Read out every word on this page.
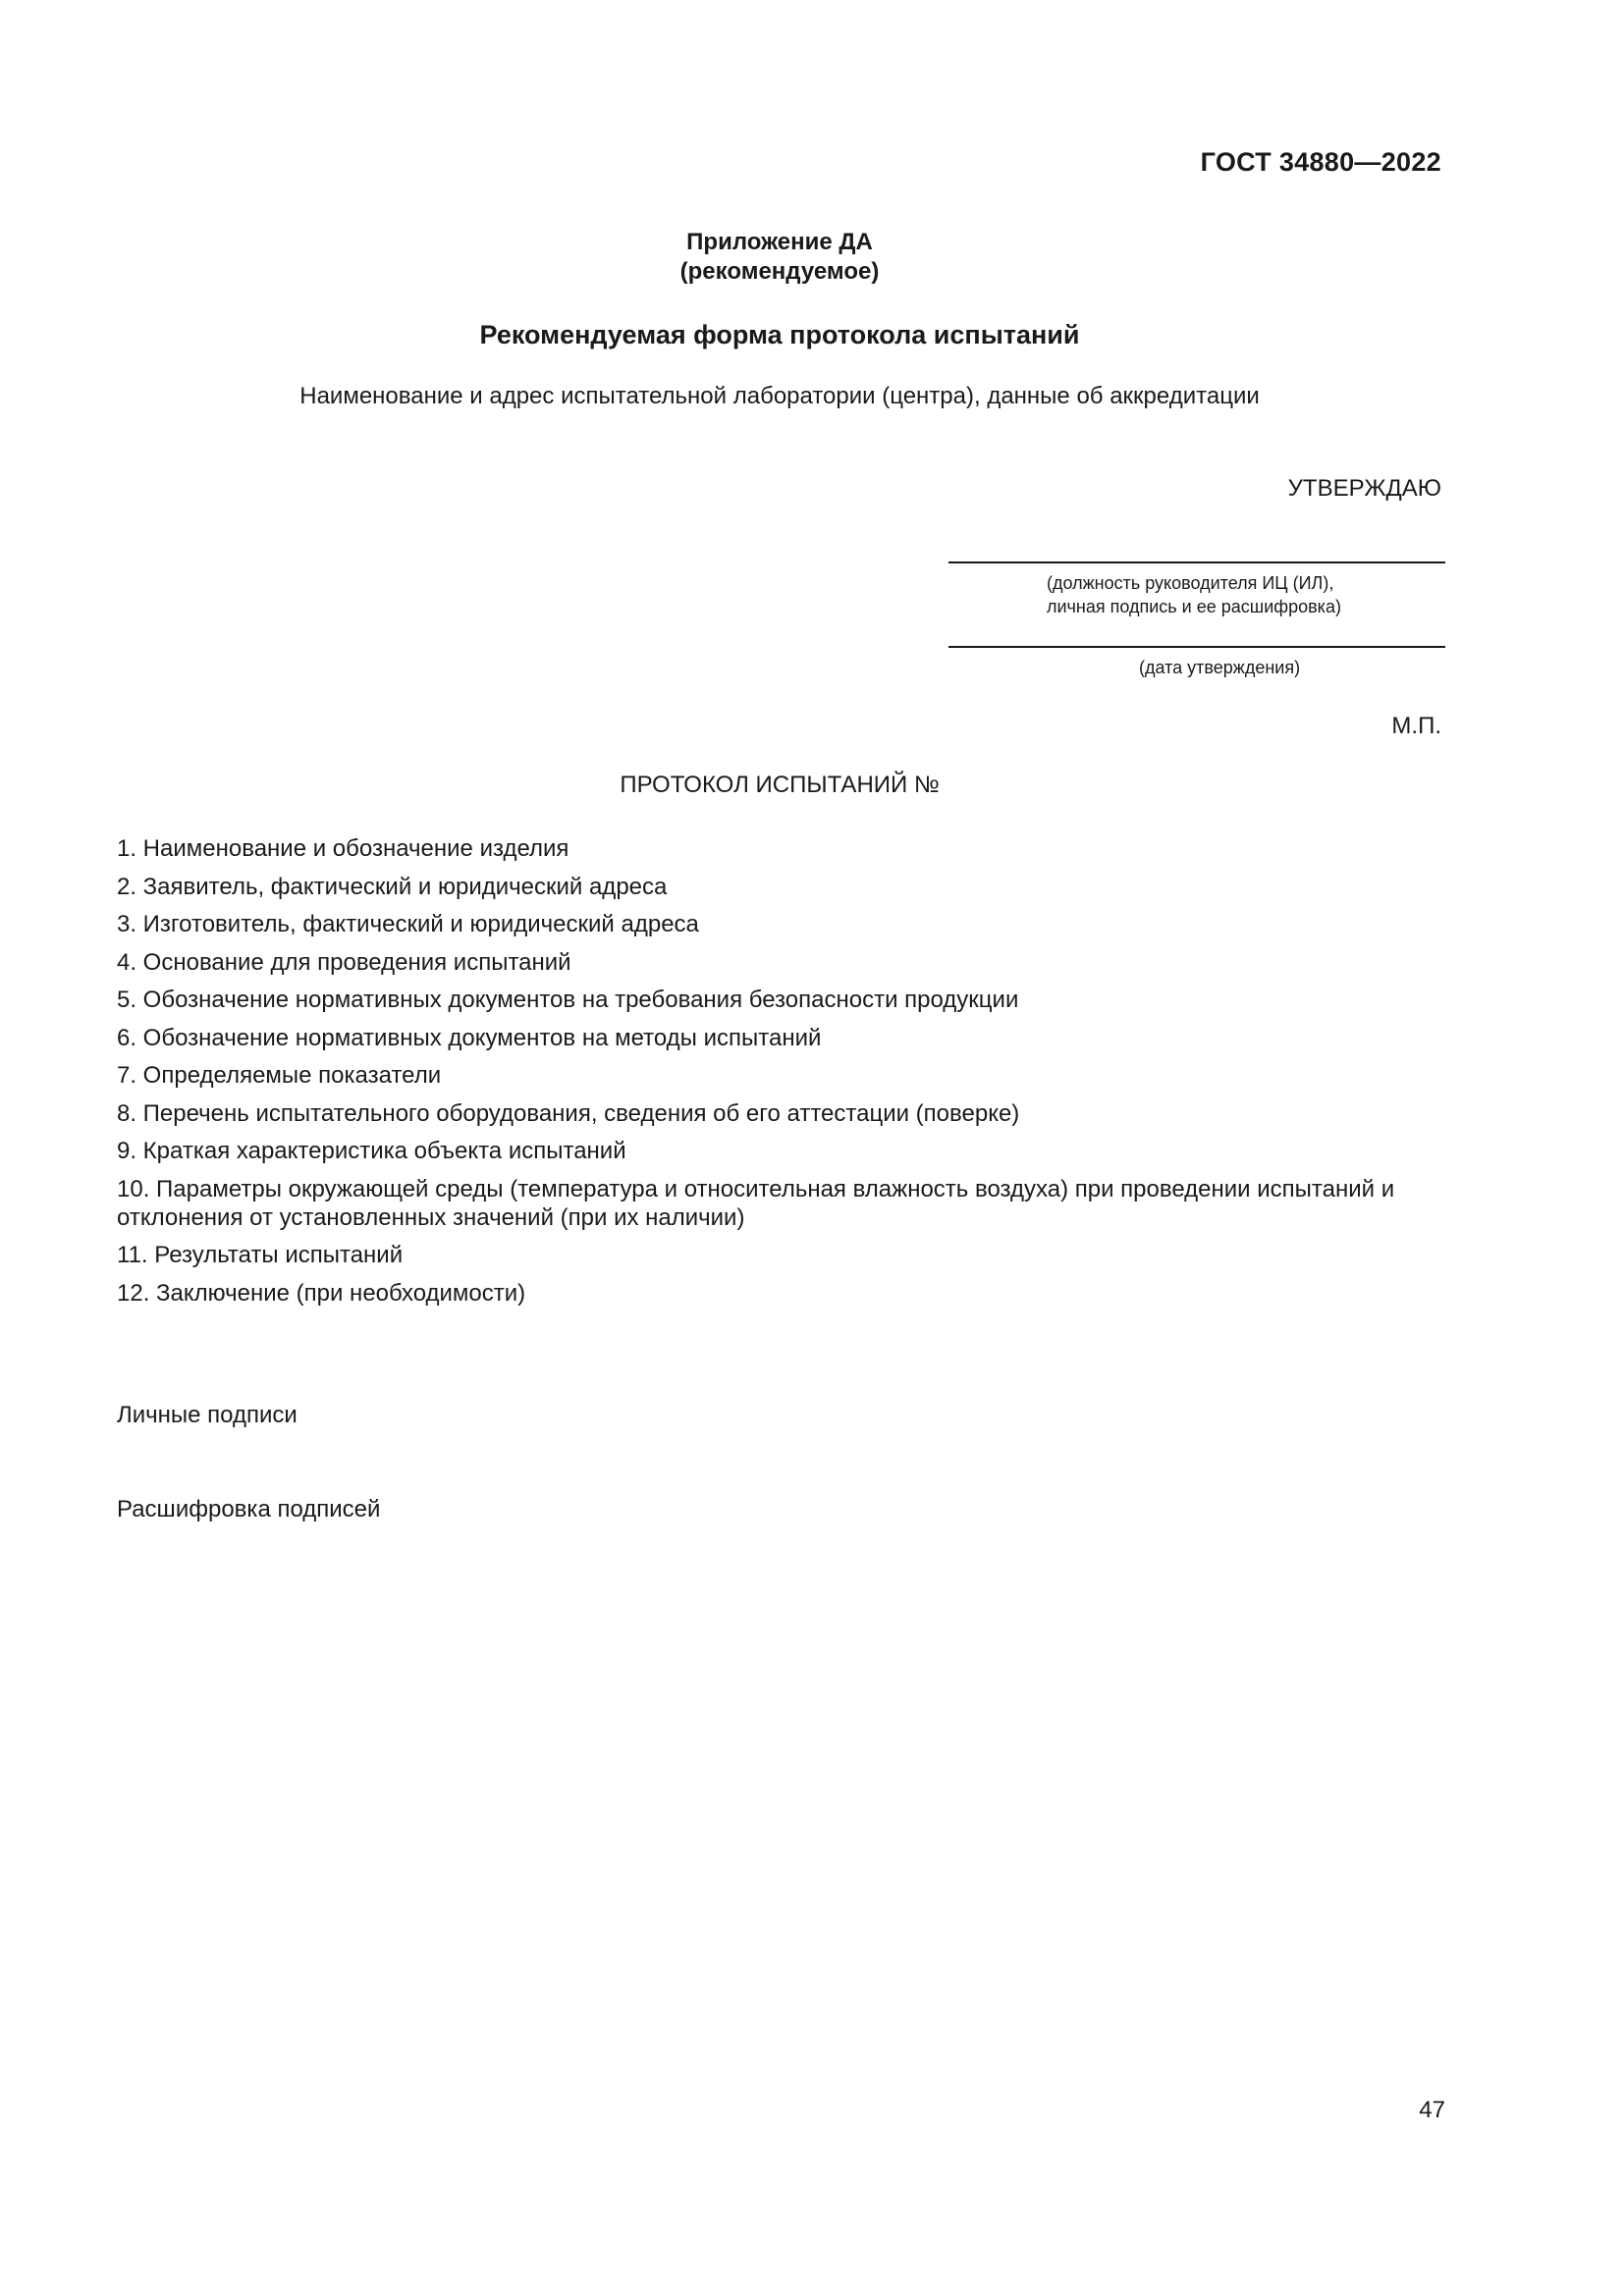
ГОСТ 34880—2022
Приложение ДА
(рекомендуемое)
Рекомендуемая форма протокола испытаний
Наименование и адрес испытательной лаборатории (центра), данные об аккредитации
УТВЕРЖДАЮ
(должность руководителя ИЦ (ИЛ),
личная подпись и ее расшифровка)
(дата утверждения)
М.П.
ПРОТОКОЛ ИСПЫТАНИЙ №
1. Наименование и обозначение изделия
2. Заявитель, фактический и юридический адреса
3. Изготовитель, фактический и юридический адреса
4. Основание для проведения испытаний
5. Обозначение нормативных документов на требования безопасности продукции
6. Обозначение нормативных документов на методы испытаний
7. Определяемые показатели
8. Перечень испытательного оборудования, сведения об его аттестации (поверке)
9. Краткая характеристика объекта испытаний
10. Параметры окружающей среды (температура и относительная влажность воздуха) при проведении испытаний и отклонения от установленных значений (при их наличии)
11. Результаты испытаний
12. Заключение (при необходимости)
Личные подписи
Расшифровка подписей
47
